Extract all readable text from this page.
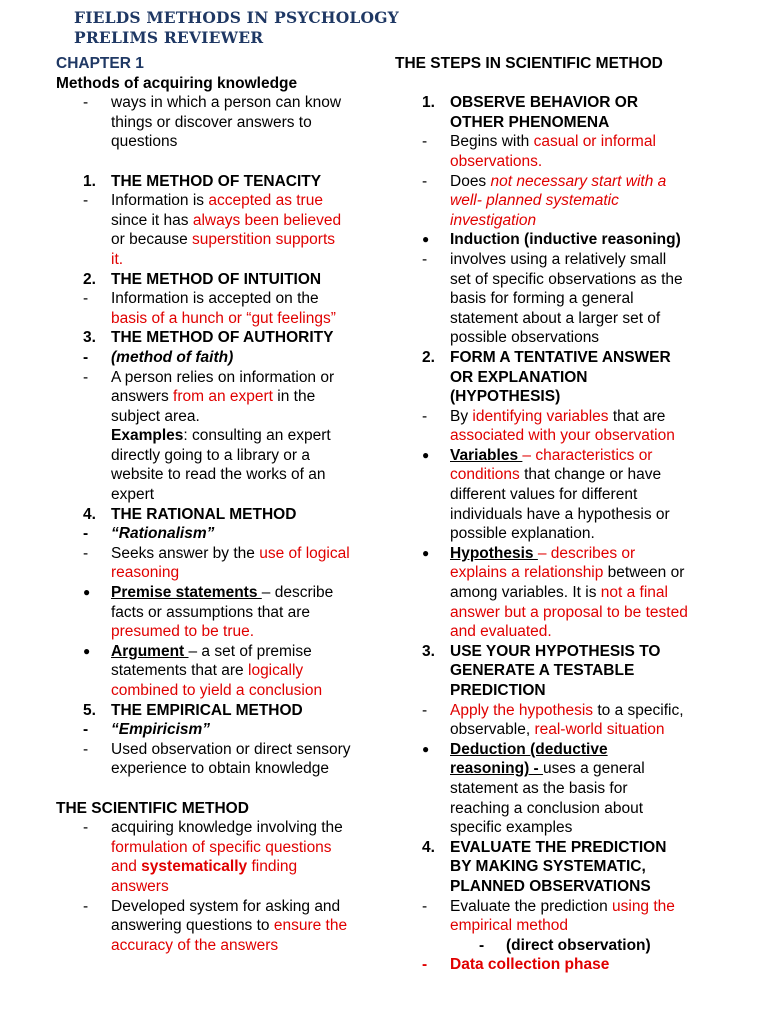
FIELDS METHODS IN PSYCHOLOGY
PRELIMS REVIEWER
CHAPTER 1
Methods of acquiring knowledge
- ways in which a person can know
things or discover answers to
questions
1. THE METHOD OF TENACITY
- Information is accepted as true
since it has always been believed
or because superstition supports
it.
2. THE METHOD OF INTUITION
- Information is accepted on the
basis of a hunch or “gut feelings”
3. THE METHOD OF AUTHORITY
- (method of faith)
- A person relies on information or
answers from an expert in the
subject area.
Examples: consulting an expert
directly going to a library or a
website to read the works of an
expert
4. THE RATIONAL METHOD
- “Rationalism”
- Seeks answer by the use of logical
reasoning
● Premise statements – describe
facts or assumptions that are
presumed to be true.
● Argument – a set of premise
statements that are logically
combined to yield a conclusion
5. THE EMPIRICAL METHOD
- “Empiricism”
- Used observation or direct sensory
experience to obtain knowledge
THE SCIENTIFIC METHOD
- acquiring knowledge involving the
formulation of specific questions
and systematically finding
answers
- Developed system for asking and
answering questions to ensure the
accuracy of the answers
THE STEPS IN SCIENTIFIC METHOD
1. OBSERVE BEHAVIOR OR
OTHER PHENOMENA
- Begins with casual or informal
observations.
- Does not necessary start with a
well- planned systematic
investigation
● Induction (inductive reasoning)
- involves using a relatively small
set of specific observations as the
basis for forming a general
statement about a larger set of
possible observations
2. FORM A TENTATIVE ANSWER
OR EXPLANATION
(HYPOTHESIS)
- By identifying variables that are
associated with your observation
● Variables – characteristics or
conditions that change or have
different values for different
individuals have a hypothesis or
possible explanation.
● Hypothesis – describes or
explains a relationship between or
among variables. It is not a final
answer but a proposal to be tested
and evaluated.
3. USE YOUR HYPOTHESIS TO
GENERATE A TESTABLE
PREDICTION
- Apply the hypothesis to a specific,
observable, real-world situation
● Deduction (deductive
reasoning) - uses a general
statement as the basis for
reaching a conclusion about
specific examples
4. EVALUATE THE PREDICTION
BY MAKING SYSTEMATIC,
PLANNED OBSERVATIONS
- Evaluate the prediction using the
empirical method
- (direct observation)
- Data collection phase
